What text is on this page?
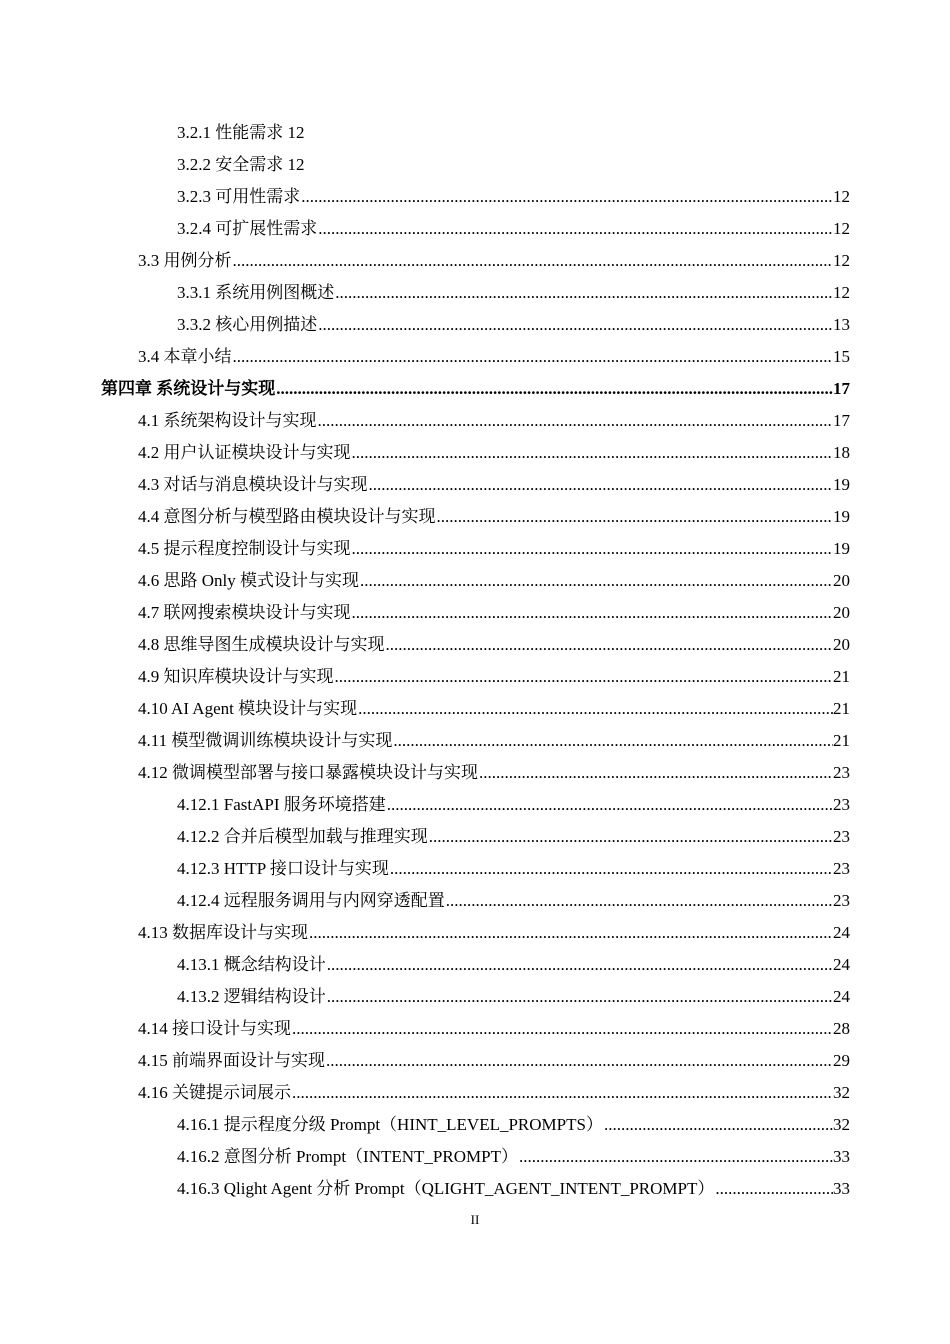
3.2.1 性能需求 12
3.2.2 安全需求 12
3.2.3 可用性需求 .....	12
3.2.4 可扩展性需求 .....	12
3.3 用例分析 .....	12
3.3.1 系统用例图概述 .....	12
3.3.2 核心用例描述 .....	13
3.4 本章小结 .....	15
第四章 系统设计与实现 .....	17
4.1 系统架构设计与实现 .....	17
4.2 用户认证模块设计与实现 .....	18
4.3 对话与消息模块设计与实现 .....	19
4.4 意图分析与模型路由模块设计与实现 .....	19
4.5 提示程度控制设计与实现 .....	19
4.6 思路 Only 模式设计与实现 .....	20
4.7 联网搜索模块设计与实现 .....	20
4.8 思维导图生成模块设计与实现 .....	20
4.9 知识库模块设计与实现 .....	21
4.10 AI Agent 模块设计与实现 .....	21
4.11 模型微调训练模块设计与实现 .....	21
4.12 微调模型部署与接口暴露模块设计与实现 .....	23
4.12.1 FastAPI 服务环境搭建 .....	23
4.12.2 合并后模型加载与推理实现 .....	23
4.12.3 HTTP 接口设计与实现 .....	23
4.12.4 远程服务调用与内网穿透配置 .....	23
4.13 数据库设计与实现 .....	24
4.13.1 概念结构设计 .....	24
4.13.2 逻辑结构设计 .....	24
4.14 接口设计与实现 .....	28
4.15 前端界面设计与实现 .....	29
4.16 关键提示词展示 .....	32
4.16.1 提示程度分级 Prompt（HINT_LEVEL_PROMPTS） .....	32
4.16.2 意图分析 Prompt（INTENT_PROMPT） .....	33
4.16.3 Qlight Agent 分析 Prompt（QLIGHT_AGENT_INTENT_PROMPT） .....	33
II
